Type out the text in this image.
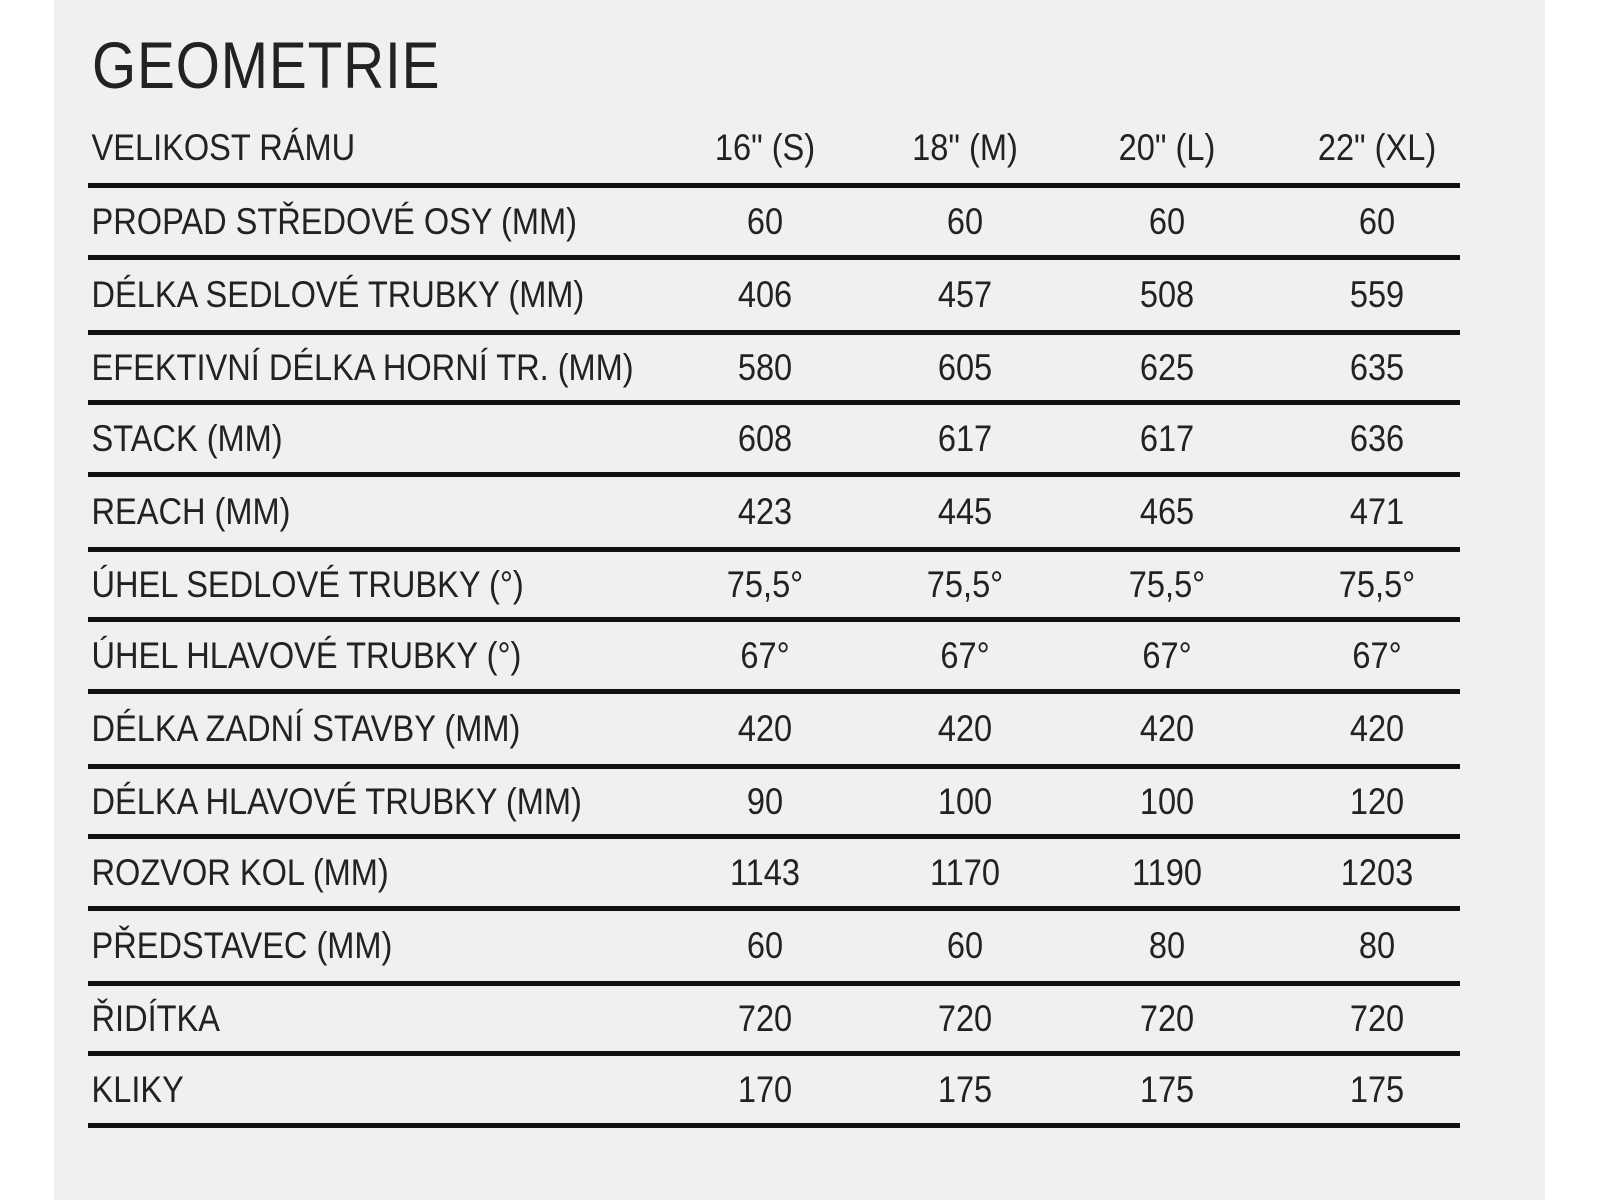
GEOMETRIE
VELIKOST RÁMU	16" (S)	18" (M)	20" (L)	22" (XL)
PROPAD STŘEDOVÉ OSY (MM)	60	60	60	60
DÉLKA SEDLOVÉ TRUBKY (MM)	406	457	508	559
EFEKTIVNÍ DÉLKA HORNÍ TR. (MM)	580	605	625	635
STACK (MM)	608	617	617	636
REACH (MM)	423	445	465	471
ÚHEL SEDLOVÉ TRUBKY (°)	75,5°	75,5°	75,5°	75,5°
ÚHEL HLAVOVÉ TRUBKY (°)	67°	67°	67°	67°
DÉLKA ZADNÍ STAVBY (MM)	420	420	420	420
DÉLKA HLAVOVÉ TRUBKY (MM)	90	100	100	120
ROZVOR KOL (MM)	1143	1170	1190	1203
PŘEDSTAVEC (MM)	60	60	80	80
ŘIDÍTKA	720	720	720	720
KLIKY	170	175	175	175
